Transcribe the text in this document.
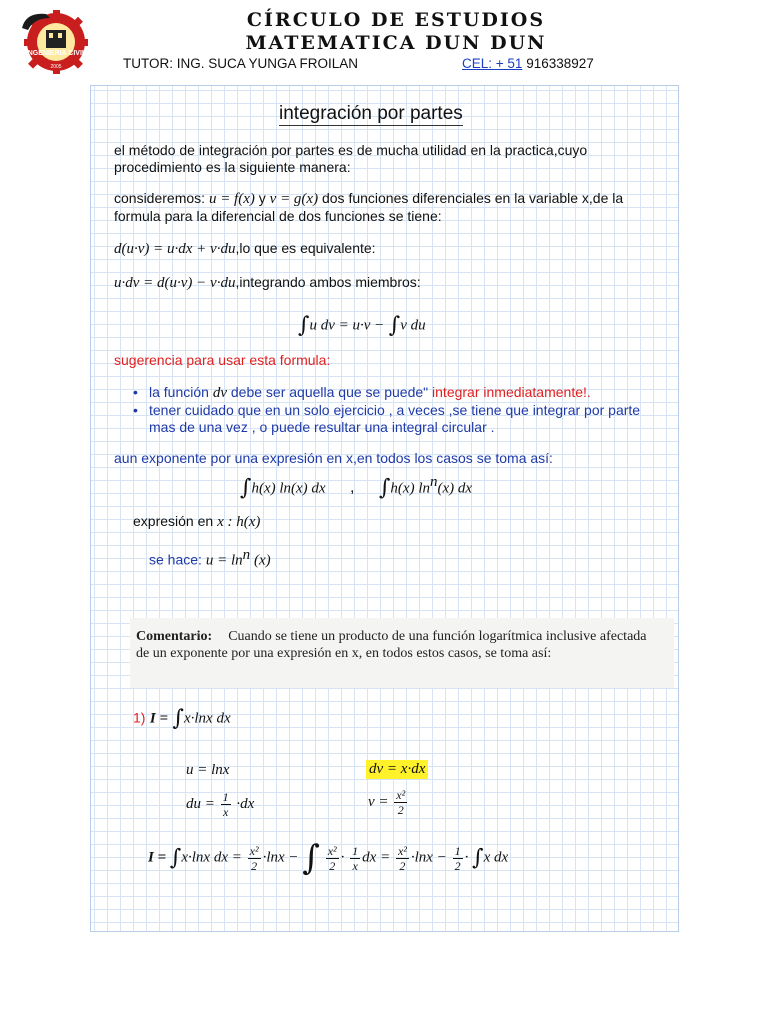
INGENIERIA CIVIL
2005
CÍRCULO DE ESTUDIOS
MATEMATICA DUN DUN
TUTOR: ING. SUCA YUNGA FROILAN	CEL: + 51 916338927
integración por partes
el método de integración por partes es de mucha utilidad en la practica,cuyo procedimiento es la siguiente manera:
consideremos: u = f(x) y v = g(x) dos funciones diferenciales en la variable x,de la
formula para la diferencial de dos funciones se tiene:
d(u·v) = u·dx + v·du,lo que es equivalente:
u·dv = d(u·v) − v·du,integrando ambos miembros:
∫u dv = u·v − ∫v du
sugerencia para usar esta formula:
• la función dv debe ser aquella que se puede" integrar inmediatamente!.
• tener cuidado que en un solo ejercicio , a veces ,se tiene que integrar por parte mas de una vez , o puede resultar una integral circular .
aun exponente por una expresión en x,en todos los casos se toma así:
∫h(x) ln(x) dx , ∫h(x) $\ln^n(x)$ dx
expresión en x : h(x)
se hace: $u = \ln^n (x)$
Comentario: Cuando se tiene un producto de una función logarítmica inclusive afectada de un exponente por una expresión en x, en todos estos casos, se toma así:
1) I = ∫x·lnx dx
u = lnx	dv = x·dx
du = $\frac{1}{x} \cdot dx$	$v = \frac{\text{x²}}{2}$
I = ∫x·lnx dx = $\frac{\text{x²}}{2} \cdot\ln x$ − ∫ $\frac{\text{x²}}{2} \cdot \frac{1}{x}$ dx = $\frac{\text{x²}}{2} \cdot\ln x - \frac{1}{2} \cdot \int x$ dx
